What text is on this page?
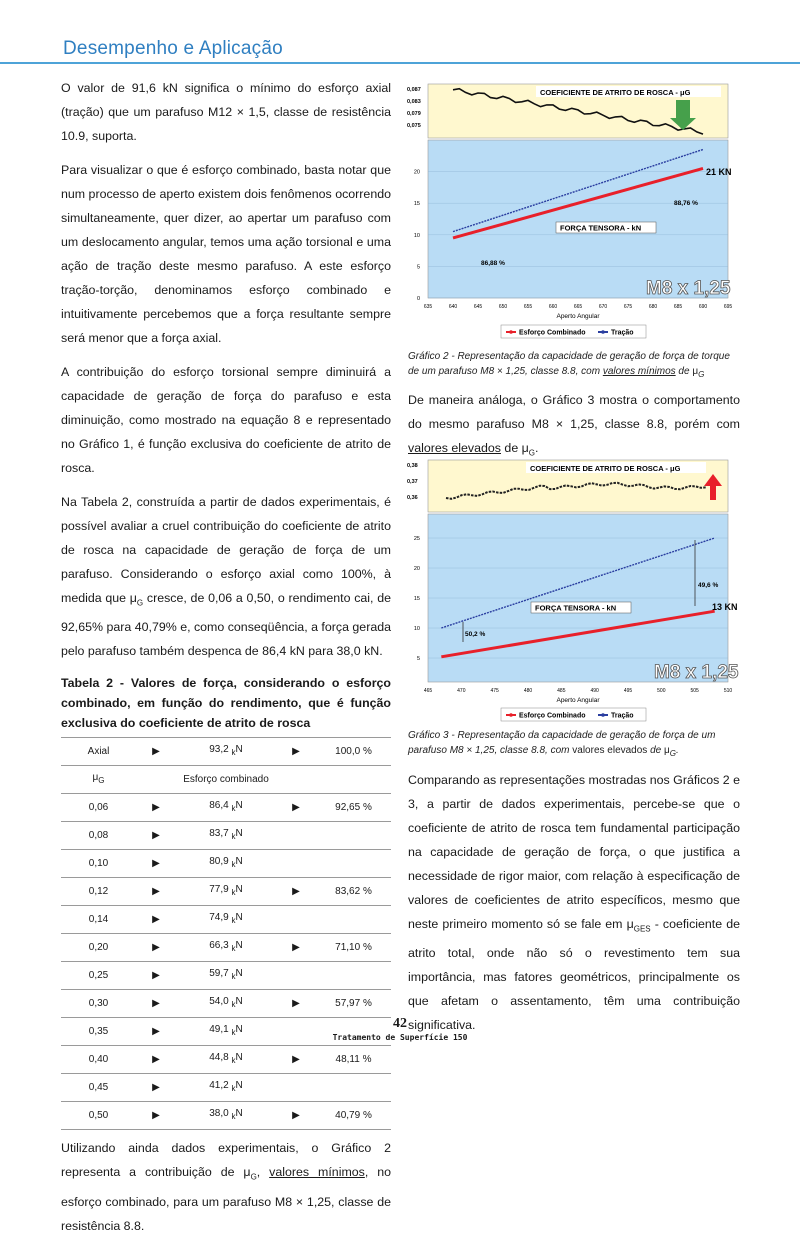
Desempenho e Aplicação

O valor de 91,6 kN significa o mínimo do esforço axial (tração) que um parafuso M12 × 1,5, classe de resistência 10.9, suporta.

Para visualizar o que é esforço combinado, basta notar que num processo de aperto existem dois fenômenos ocorrendo simultaneamente, quer dizer, ao apertar um parafuso com um deslocamento angular, temos uma ação torsional e uma ação de tração deste mesmo parafuso. A este esforço tração-torção, denominamos esforço combinado e intuitivamente percebemos que a força resultante sempre será menor que a força axial.

A contribuição do esforço torsional sempre diminuirá a capacidade de geração de força do parafuso e esta diminuição, como mostrado na equação 8 e representado no Gráfico 1, é função exclusiva do coeficiente de atrito de rosca.

Na Tabela 2, construída a partir de dados experimentais, é possível avaliar a cruel contribuição do coeficiente de atrito de rosca na capacidade de geração de força de um parafuso. Considerando o esforço axial como 100%, à medida que $\mu_G$ cresce, de 0,06 a 0,50, o rendimento cai, de 92,65% para 40,79% e, como conseqüência, a força gerada pelo parafuso também despenca de 86,4 kN para 38,0 kN.

Tabela 2 - Valores de força, considerando o esforço combinado, em função do rendimento, que é função exclusiva do coeficiente de atrito de rosca
Axial	▶	93,2 $_k$N	▶	100,0 %
$\mu_G$		Esforço combinado		
0,06	▶	86,4 $_k$N	▶	92,65 %
0,08	▶	83,7 $_k$N		
0,10	▶	80,9 $_k$N		
0,12	▶	77,9 $_k$N	▶	83,62 %
0,14	▶	74,9 $_k$N		
0,20	▶	66,3 $_k$N	▶	71,10 %
0,25	▶	59,7 $_k$N		
0,30	▶	54,0 $_k$N	▶	57,97 %
0,35	▶	49,1 $_k$N		
0,40	▶	44,8 $_k$N	▶	48,11 %
0,45	▶	41,2 $_k$N		
0,50	▶	38,0 $_k$N	▶	40,79 %

Utilizando ainda dados experimentais, o Gráfico 2 representa a contribuição de $\mu_G$, valores mínimos, no esforço combinado, para um parafuso M8 × 1,25, classe de resistência 8.8.

COEFICIENTE DE ATRITO DE ROSCA - μG
0,087
0,083
0,079
0,075
0
5
10
15
20
635	640	645	650	655	660	665	670	675	680	685	690	695
FORÇA TENSORA - kN
21 KN
88,76 %
86,88 %
M8 x 1,25
Aperto Angular
Esforço Combinado	Tração
Gráfico 2 - Representação da capacidade de geração de força de torque de um parafuso M8 × 1,25, classe 8.8, com valores mínimos de $\mu_G$

De maneira análoga, o Gráfico 3 mostra o comportamento do mesmo parafuso M8 × 1,25, classe 8.8, porém com valores elevados de $\mu_G$.

COEFICIENTE DE ATRITO DE ROSCA - μG
0,38
0,37
0,36
5
10
15
20
25
465	470	475	480	485	490	495	500	505	510
FORÇA TENSORA - kN	13 KN
49,6 %
50,2 %
M8 x 1,25
Aperto Angular
Esforço Combinado	Tração
Gráfico 3 - Representação da capacidade de geração de força de um parafuso M8 × 1,25, classe 8.8, com valores elevados de $\mu_G$.

Comparando as representações mostradas nos Gráficos 2 e 3, a partir de dados experimentais, percebe-se que o coeficiente de atrito de rosca tem fundamental participação na capacidade de geração de força, o que justifica a necessidade de rigor maior, com relação à especificação de valores de coeficientes de atrito específicos, mesmo que neste primeiro momento só se fale em $\mu_{GES}$ - coeficiente de atrito total, onde não só o revestimento tem sua importância, mas fatores geométricos, principalmente os que afetam o assentamento, têm uma contribuição significativa.

42
Tratamento de Superfície 150
